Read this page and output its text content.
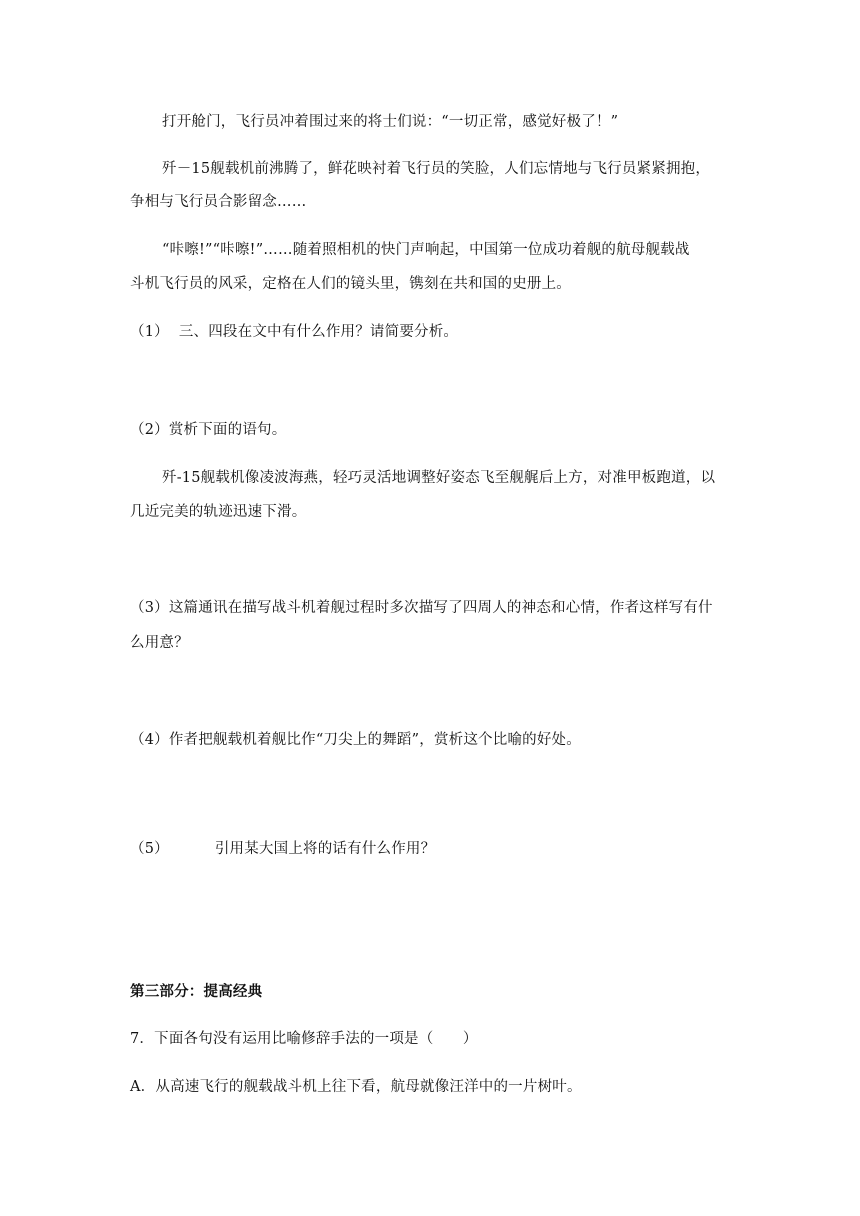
打开舱门，飞行员冲着围过来的将士们说：“一切正常，感觉好极了！”
歼－15舰载机前沸腾了，鲜花映衬着飞行员的笑脸，人们忘情地与飞行员紧紧拥抱，
争相与飞行员合影留念……
“咔嚓!”“咔嚓!”……随着照相机的快门声响起，中国第一位成功着舰的航母舰载战
斗机飞行员的风采，定格在人们的镜头里，镌刻在共和国的史册上。
（1） 三、四段在文中有什么作用？请简要分析。
（2）赏析下面的语句。
歼-15舰载机像凌波海燕，轻巧灵活地调整好姿态飞至舰艉后上方，对准甲板跑道，以
几近完美的轨迹迅速下滑。
（3）这篇通讯在描写战斗机着舰过程时多次描写了四周人的神态和心情，作者这样写有什
么用意？
（4）作者把舰载机着舰比作“刀尖上的舞蹈”，赏析这个比喻的好处。
（5）	引用某大国上将的话有什么作用？
第三部分：提高经典
7．下面各句没有运用比喻修辞手法的一项是（　　）
A．从高速飞行的舰载战斗机上往下看，航母就像汪洋中的一片树叶。
